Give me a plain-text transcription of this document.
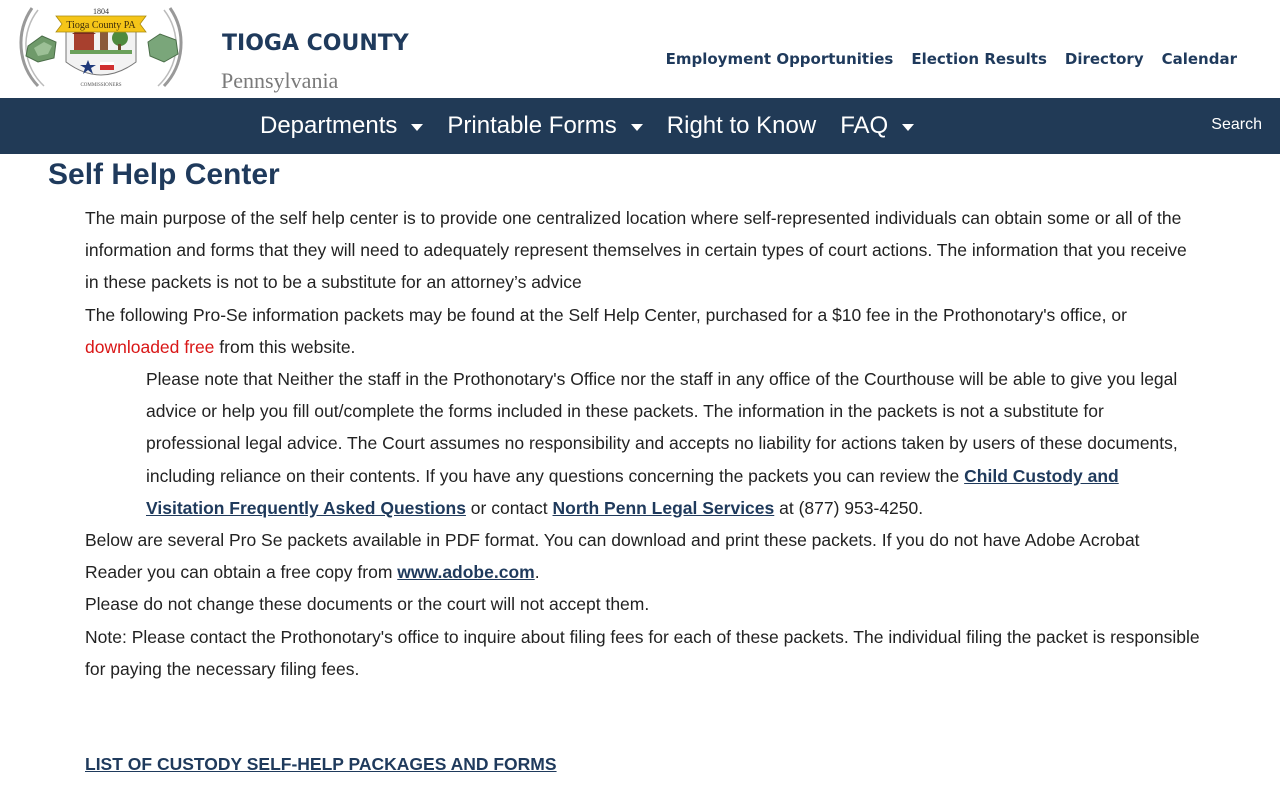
Tioga County PA
1804
COMMISSIONERS
TIOGA COUNTY
Pennsylvania
Employment Opportunities Election Results Directory Calendar
Departments Printable Forms Right to Know FAQ	Search
Self Help Center

The main purpose of the self help center is to provide one centralized location where self-represented individuals can obtain some or all of the information and forms that they will need to adequately represent themselves in certain types of court actions. The information that you receive in these packets is not to be a substitute for an attorney’s advice

The following Pro-Se information packets may be found at the Self Help Center, purchased for a $10 fee in the Prothonotary's office, or downloaded free from this website.

Please note that Neither the staff in the Prothonotary's Office nor the staff in any office of the Courthouse will be able to give you legal advice or help you fill out/complete the forms included in these packets. The information in the packets is not a substitute for professional legal advice. The Court assumes no responsibility and accepts no liability for actions taken by users of these documents, including reliance on their contents. If you have any questions concerning the packets you can review the Child Custody and Visitation Frequently Asked Questions or contact North Penn Legal Services at (877) 953-4250.

Below are several Pro Se packets available in PDF format. You can download and print these packets. If you do not have Adobe Acrobat Reader you can obtain a free copy from www.adobe.com.

Please do not change these documents or the court will not accept them.

Note: Please contact the Prothonotary's office to inquire about filing fees for each of these packets. The individual filing the packet is responsible for paying the necessary filing fees.

LIST OF CUSTODY SELF-HELP PACKAGES AND FORMS
